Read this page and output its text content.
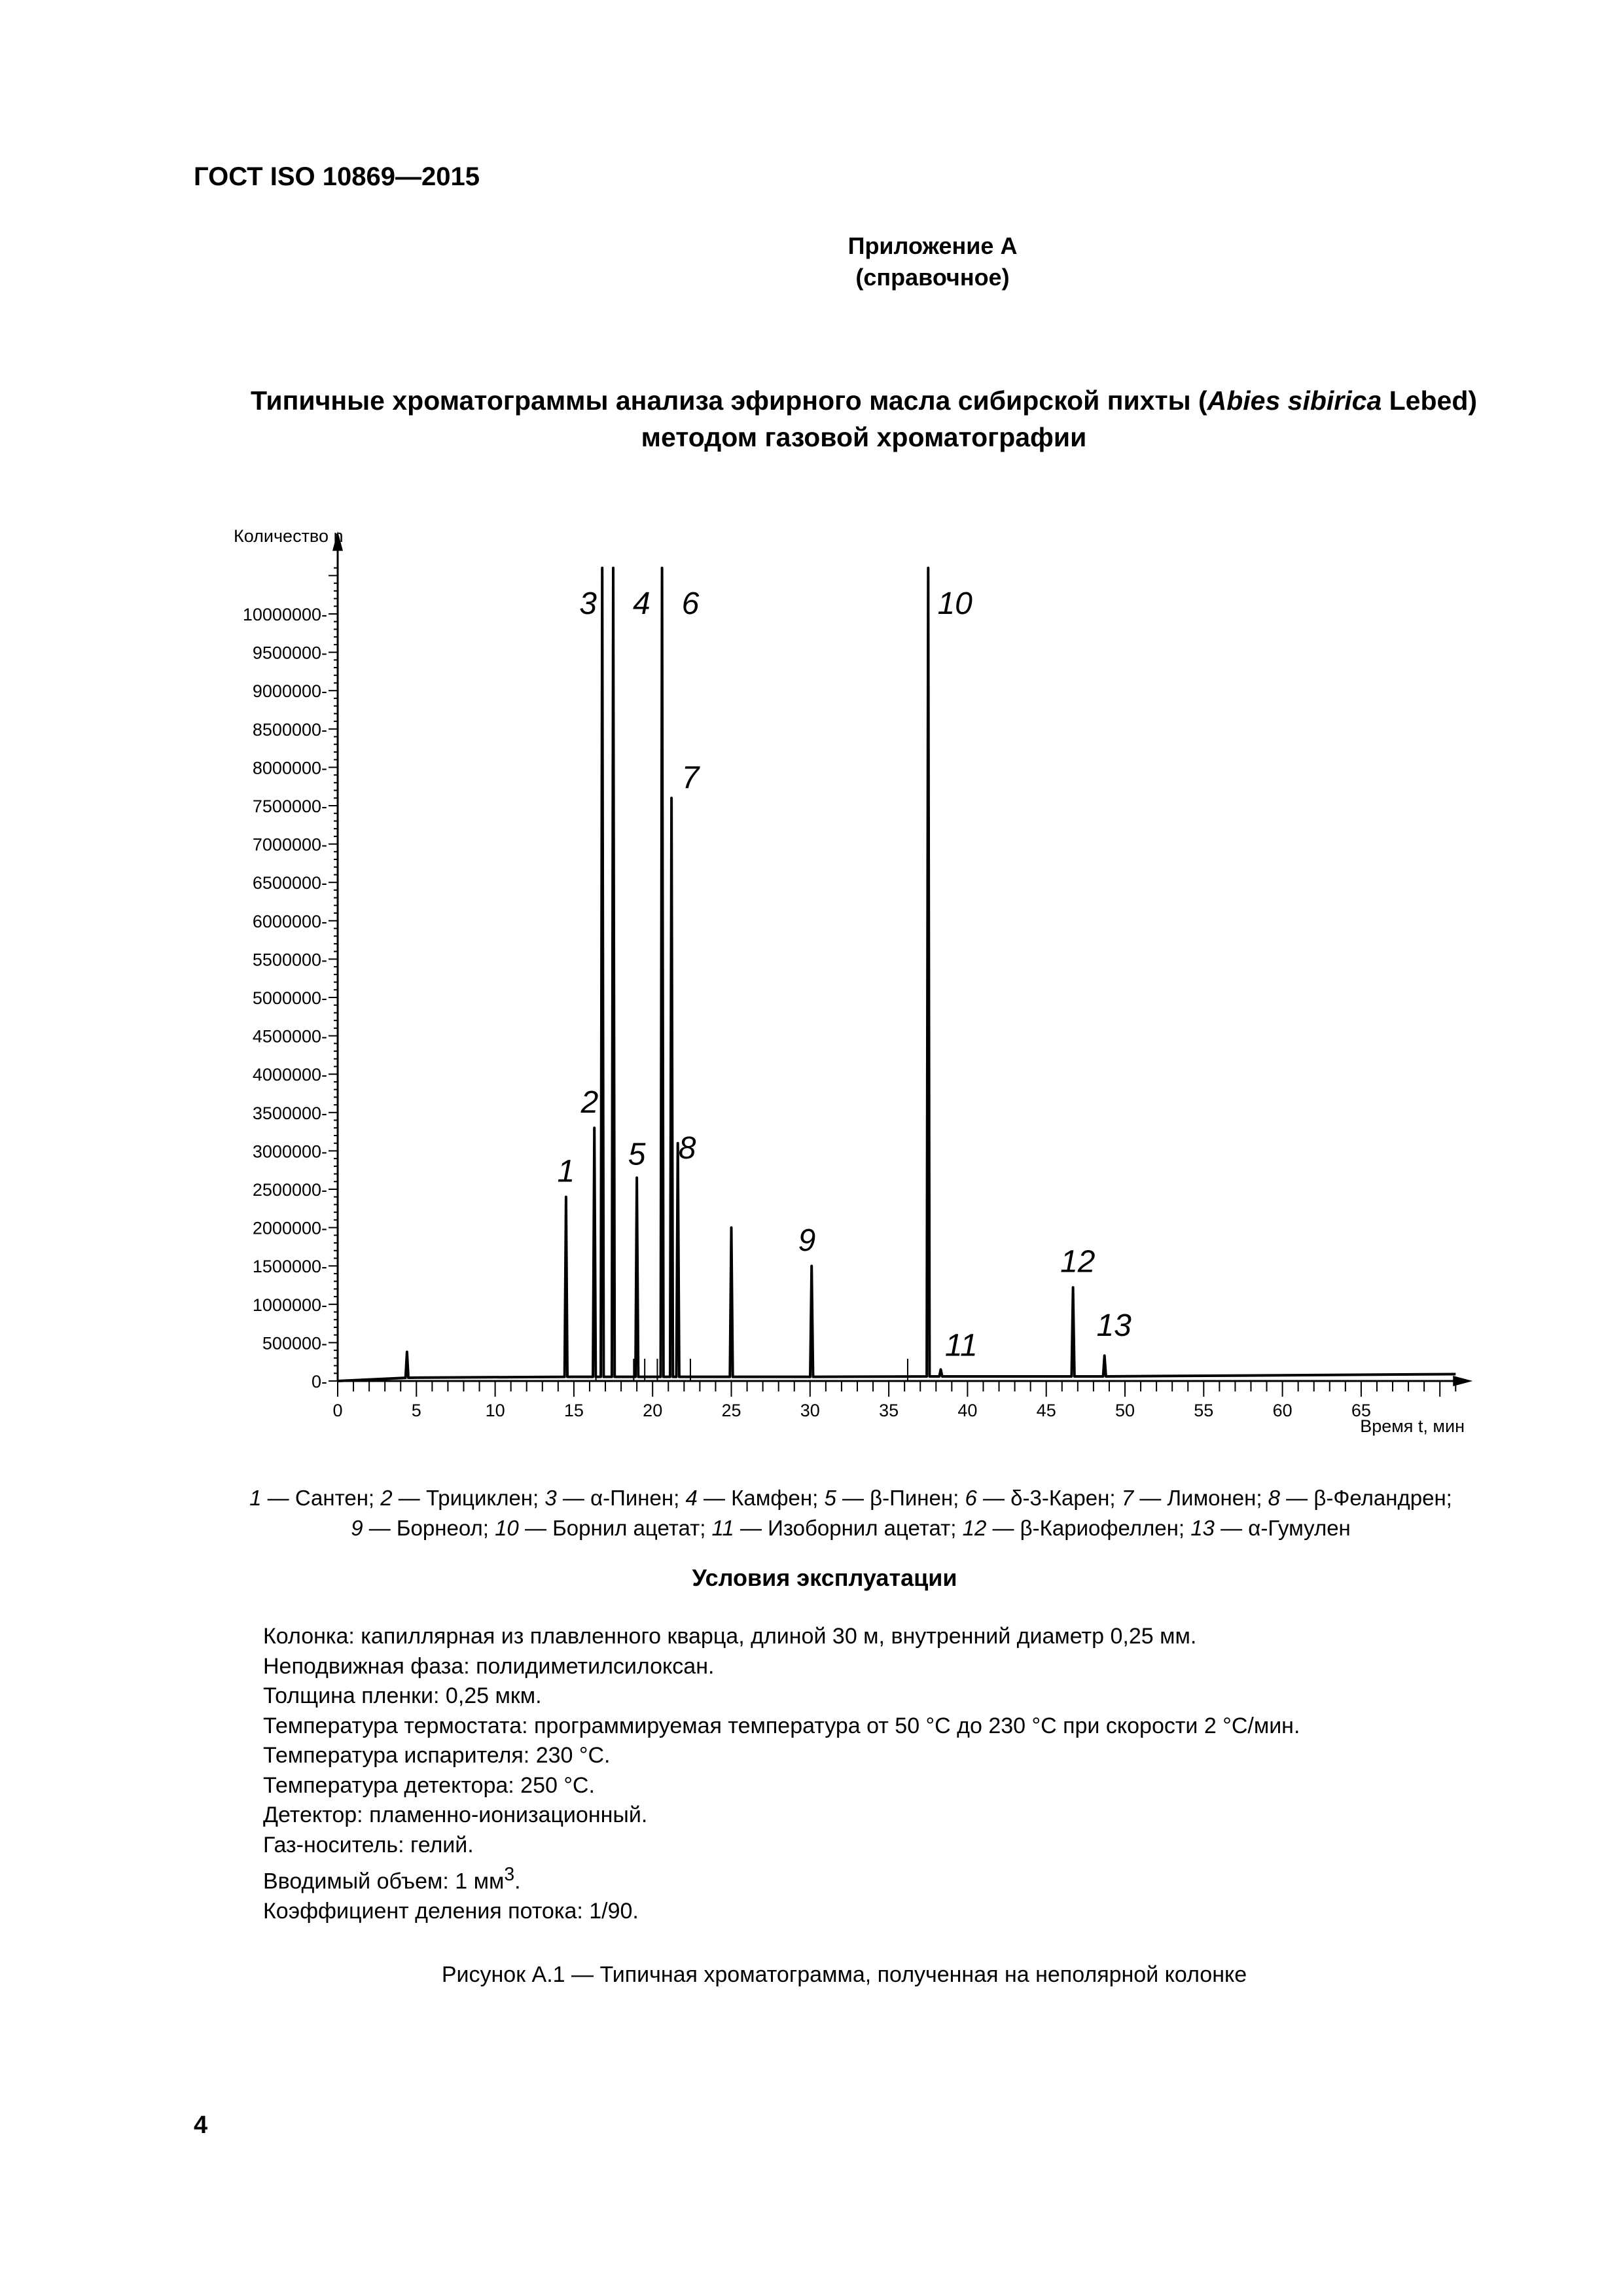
ГОСТ ISO 10869—2015
Приложение А
(справочное)
Типичные хроматограммы анализа эфирного масла сибирской пихты (Abies sibirica Lebed)
методом газовой хроматографии
0-
500000-
1000000-
1500000-
2000000-
2500000-
3000000-
3500000-
4000000-
4500000-
5000000-
5500000-
6000000-
6500000-
7000000-
7500000-
8000000-
8500000-
9000000-
9500000-
10000000-
0	5	10	15	20	25	30	35	40	45	50	55	60	65
1
2
3 4
5
6
7
8
9
10
11
12
13
Количество n
Время t, мин
1 — Сантен; 2 — Трициклен; 3 — α-Пинен; 4 — Камфен; 5 — β-Пинен; 6 — δ-3-Карен; 7 — Лимонен; 8 — β-Феландрен;
9 — Борнеол; 10 — Борнил ацетат; 11 — Изоборнил ацетат; 12 — β-Кариофеллен; 13 — α-Гумулен
Условия эксплуатации
Колонка: капиллярная из плавленного кварца, длиной 30 м, внутренний диаметр 0,25 мм.
Неподвижная фаза: полидиметилсилоксан.
Толщина пленки: 0,25 мкм.
Температура термостата: программируемая температура от 50 °С до 230 °С при скорости 2 °С/мин.
Температура испарителя: 230 °С.
Температура детектора: 250 °С.
Детектор: пламенно-ионизационный.
Газ-носитель: гелий.
Вводимый объем: 1 $мм^3$.
Коэффициент деления потока: 1/90.
Рисунок А.1 — Типичная хроматограмма, полученная на неполярной колонке
4
